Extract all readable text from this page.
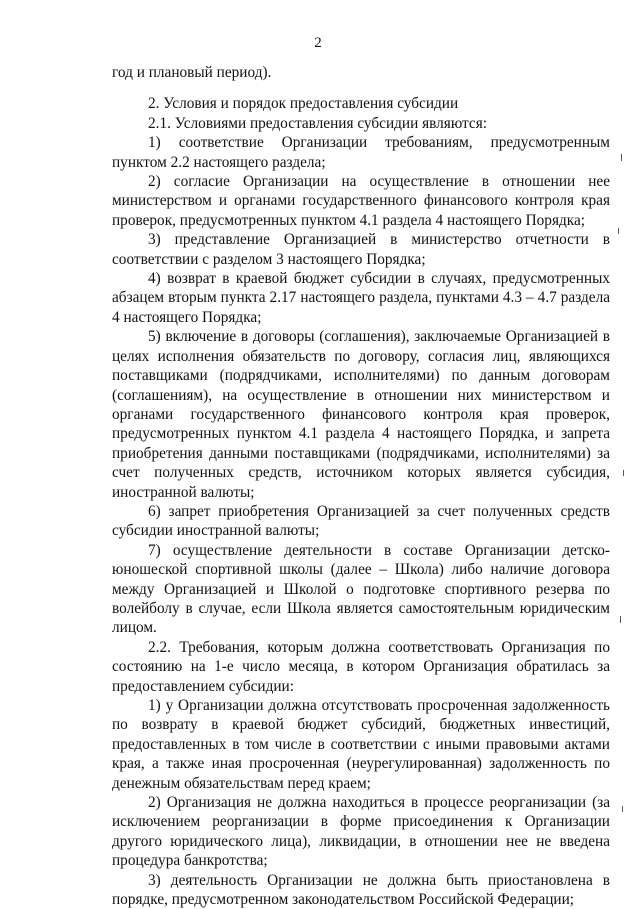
2

год и плановый период).

2. Условия и порядок предоставления субсидии

2.1. Условиями предоставления субсидии являются:

1) соответствие Организации требованиям, предусмотренным пунктом 2.2 настоящего раздела;

2) согласие Организации на осуществление в отношении нее министерством и органами государственного финансового контроля края проверок, предусмотренных пунктом 4.1 раздела 4 настоящего Порядка;

3) представление Организацией в министерство отчетности в соответствии с разделом 3 настоящего Порядка;

4) возврат в краевой бюджет субсидии в случаях, предусмотренных абзацем вторым пункта 2.17 настоящего раздела, пунктами 4.3 – 4.7 раздела 4 настоящего Порядка;

5) включение в договоры (соглашения), заключаемые Организацией в целях исполнения обязательств по договору, согласия лиц, являющихся поставщиками (подрядчиками, исполнителями) по данным договорам (соглашениям), на осуществление в отношении них министерством и органами государственного финансового контроля края проверок, предусмотренных пунктом 4.1 раздела 4 настоящего Порядка, и запрета приобретения данными поставщиками (подрядчиками, исполнителями) за счет полученных средств, источником которых является субсидия, иностранной валюты;

6) запрет приобретения Организацией за счет полученных средств субсидии иностранной валюты;

7) осуществление деятельности в составе Организации детско-юношеской спортивной школы (далее – Школа) либо наличие договора между Организацией и Школой о подготовке спортивного резерва по волейболу в случае, если Школа является самостоятельным юридическим лицом.

2.2. Требования, которым должна соответствовать Организация по состоянию на 1-е число месяца, в котором Организация обратилась за предоставлением субсидии:

1) у Организации должна отсутствовать просроченная задолженность по возврату в краевой бюджет субсидий, бюджетных инвестиций, предоставленных в том числе в соответствии с иными правовыми актами края, а также иная просроченная (неурегулированная) задолженность по денежным обязательствам перед краем;

2) Организация не должна находиться в процессе реорганизации (за исключением реорганизации в форме присоединения к Организации другого юридического лица), ликвидации, в отношении нее не введена процедура банкротства;

3) деятельность Организации не должна быть приостановлена в порядке, предусмотренном законодательством Российской Федерации;
